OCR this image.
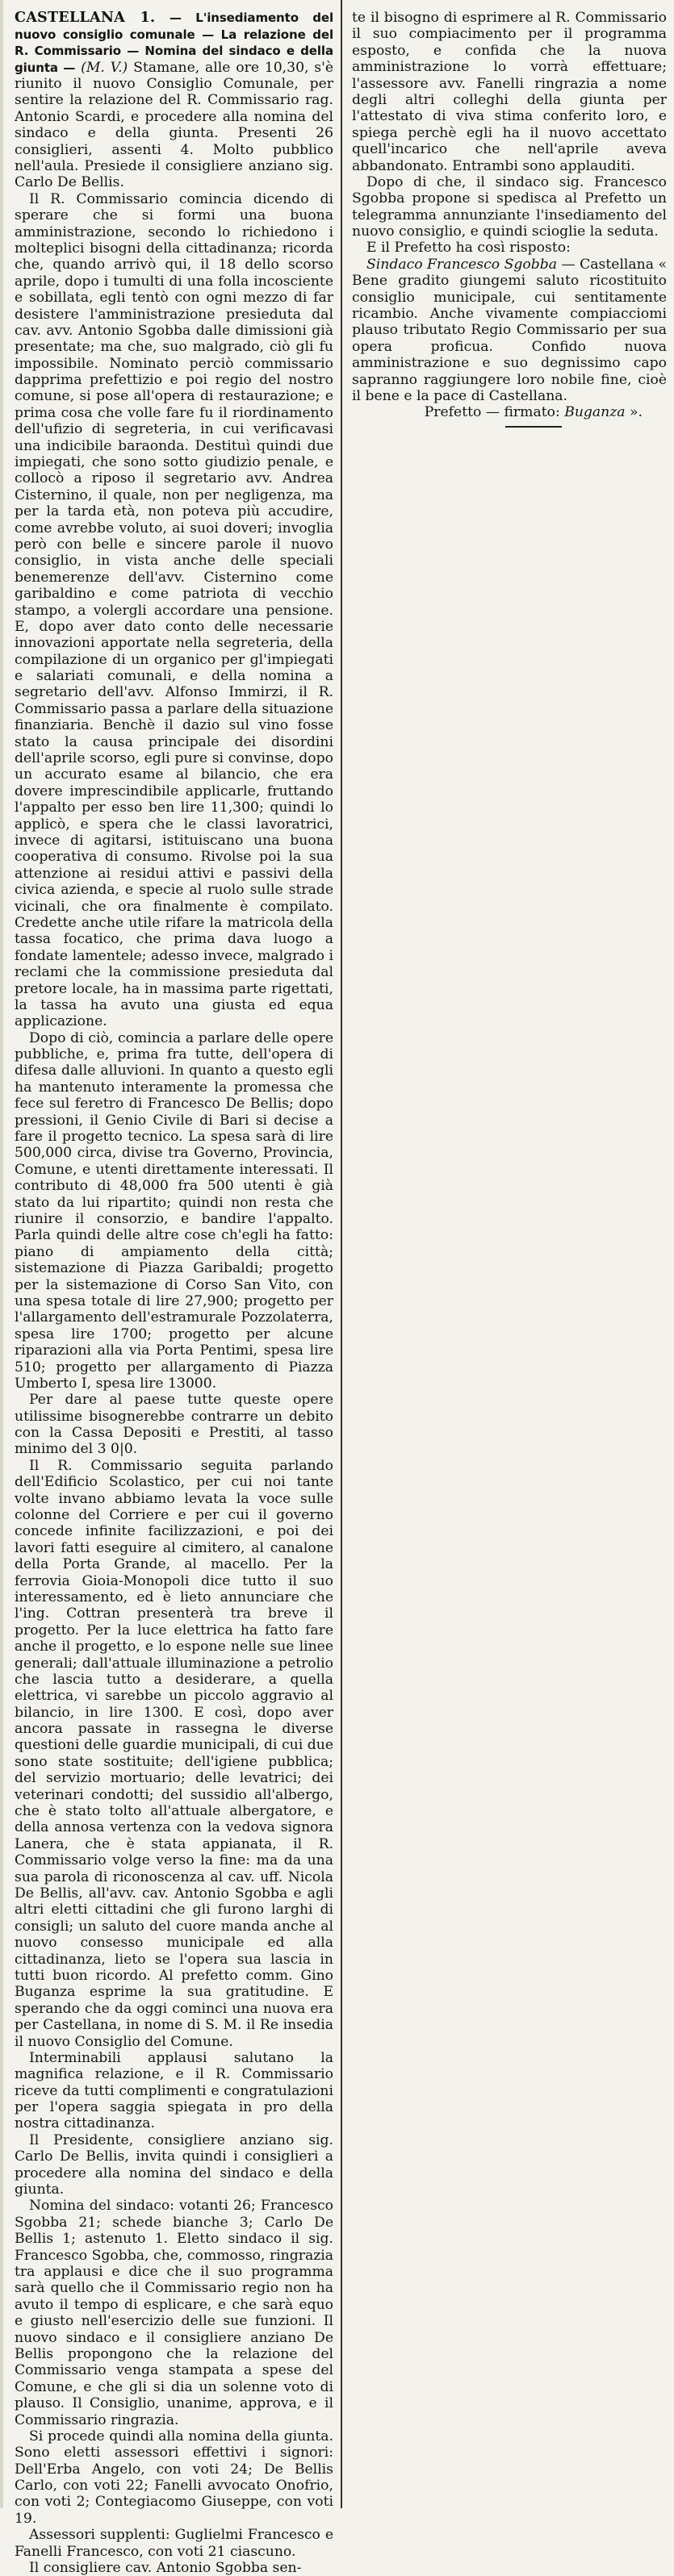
CASTELLANA 1. — L'insediamento del nuovo consiglio comunale — La relazione del R. Commissario — Nomina del sindaco e della giunta — (M. V.) Stamane, alle ore 10,30, s'è riunito il nuovo Consiglio Comunale, per sentire la relazione del R. Commissario rag. Antonio Scardi, e procedere alla nomina del sindaco e della giunta. Presenti 26 consiglieri, assenti 4. Molto pubblico nell'aula. Presiede il consigliere anziano sig. Carlo De Bellis.

Il R. Commissario comincia dicendo di sperare che si formi una buona amministrazione, secondo lo richiedono i molteplici bisogni della cittadinanza; ricorda che, quando arrivò qui, il 18 dello scorso aprile, dopo i tumulti di una folla incosciente e sobillata, egli tentò con ogni mezzo di far desistere l'amministrazione presieduta dal cav. avv. Antonio Sgobba dalle dimissioni già presentate; ma che, suo malgrado, ciò gli fu impossibile. Nominato perciò commissario dapprima prefettizio e poi regio del nostro comune, si pose all'opera di restaurazione; e prima cosa che volle fare fu il riordinamento dell'ufizio di segreteria, in cui verificavasi una indicibile baraonda. Destituì quindi due impiegati, che sono sotto giudizio penale, e collocò a riposo il segretario avv. Andrea Cisternino, il quale, non per negligenza, ma per la tarda età, non poteva più accudire, come avrebbe voluto, ai suoi doveri; invoglia però con belle e sincere parole il nuovo consiglio, in vista anche delle speciali benemerenze dell'avv. Cisternino come garibaldino e come patriota di vecchio stampo, a volergli accordare una pensione. E, dopo aver dato conto delle necessarie innovazioni apportate nella segreteria, della compilazione di un organico per gl'impiegati e salariati comunali, e della nomina a segretario dell'avv. Alfonso Immirzi, il R. Commissario passa a parlare della situazione finanziaria. Benchè il dazio sul vino fosse stato la causa principale dei disordini dell'aprile scorso, egli pure si convinse, dopo un accurato esame al bilancio, che era dovere imprescindibile applicarle, fruttando l'appalto per esso ben lire 11,300; quindi lo applicò, e spera che le classi lavoratrici, invece di agitarsi, istituiscano una buona cooperativa di consumo. Rivolse poi la sua attenzione ai residui attivi e passivi della civica azienda, e specie al ruolo sulle strade vicinali, che ora finalmente è compilato. Credette anche utile rifare la matricola della tassa focatico, che prima dava luogo a fondate lamentele; adesso invece, malgrado i reclami che la commissione presieduta dal pretore locale, ha in massima parte rigettati, la tassa ha avuto una giusta ed equa applicazione.

Dopo di ciò, comincia a parlare delle opere pubbliche, e, prima fra tutte, dell'opera di difesa dalle alluvioni. In quanto a questo egli ha mantenuto interamente la promessa che fece sul feretro di Francesco De Bellis; dopo pressioni, il Genio Civile di Bari si decise a fare il progetto tecnico. La spesa sarà di lire 500,000 circa, divise tra Governo, Provincia, Comune, e utenti direttamente interessati. Il contributo di 48,000 fra 500 utenti è già stato da lui ripartito; quindi non resta che riunire il consorzio, e bandire l'appalto. Parla quindi delle altre cose ch'egli ha fatto: piano di ampiamento della città; sistemazione di Piazza Garibaldi; progetto per la sistemazione di Corso San Vito, con una spesa totale di lire 27,900; progetto per l'allargamento dell'estramurale Pozzolaterra, spesa lire 1700; progetto per alcune riparazioni alla via Porta Pentimi, spesa lire 510; progetto per allargamento di Piazza Umberto I, spesa lire 13000.

Per dare al paese tutte queste opere utilissime bisognerebbe contrarre un debito con la Cassa Depositi e Prestiti, al tasso minimo del 3 0|0.

Il R. Commissario seguita parlando dell'Edificio Scolastico, per cui noi tante volte invano abbiamo levata la voce sulle colonne del Corriere e per cui il governo concede infinite facilizzazioni, e poi dei lavori fatti eseguire al cimitero, al canalone della Porta Grande, al macello. Per la ferrovia Gioia-Monopoli dice tutto il suo interessamento, ed è lieto annunciare che l'ing. Cottran presenterà tra breve il progetto. Per la luce elettrica ha fatto fare anche il progetto, e lo espone nelle sue linee generali; dall'attuale illuminazione a petrolio che lascia tutto a desiderare, a quella elettrica, vi sarebbe un piccolo aggravio al bilancio, in lire 1300. E così, dopo aver ancora passate in rassegna le diverse questioni delle guardie municipali, di cui due sono state sostituite; dell'igiene pubblica; del servizio mortuario; delle levatrici; dei veterinari condotti; del sussidio all'albergo, che è stato tolto all'attuale albergatore, e della annosa vertenza con la vedova signora Lanera, che è stata appianata, il R. Commissario volge verso la fine: ma da una sua parola di riconoscenza al cav. uff. Nicola De Bellis, all'avv. cav. Antonio Sgobba e agli altri eletti cittadini che gli furono larghi di consigli; un saluto del cuore manda anche al nuovo consesso municipale ed alla cittadinanza, lieto se l'opera sua lascia in tutti buon ricordo. Al prefetto comm. Gino Buganza esprime la sua gratitudine. E sperando che da oggi cominci una nuova era per Castellana, in nome di S. M. il Re insedia il nuovo Consiglio del Comune.

Interminabili applausi salutano la magnifica relazione, e il R. Commissario riceve da tutti complimenti e congratulazioni per l'opera saggia spiegata in pro della nostra cittadinanza.

Il Presidente, consigliere anziano sig. Carlo De Bellis, invita quindi i consiglieri a procedere alla nomina del sindaco e della giunta.

Nomina del sindaco: votanti 26; Francesco Sgobba 21; schede bianche 3; Carlo De Bellis 1; astenuto 1. Eletto sindaco il sig. Francesco Sgobba, che, commosso, ringrazia tra applausi e dice che il suo programma sarà quello che il Commissario regio non ha avuto il tempo di esplicare, e che sarà equo e giusto nell'esercizio delle sue funzioni. Il nuovo sindaco e il consigliere anziano De Bellis propongono che la relazione del Commissario venga stampata a spese del Comune, e che gli si dia un solenne voto di plauso. Il Consiglio, unanime, approva, e il Commissario ringrazia.

Si procede quindi alla nomina della giunta. Sono eletti assessori effettivi i signori: Dell'Erba Angelo, con voti 24; De Bellis Carlo, con voti 22; Fanelli avvocato Onofrio, con voti 2; Contegiacomo Giuseppe, con voti 19.

Assessori supplenti: Guglielmi Francesco e Fanelli Francesco, con voti 21 ciascuno.

Il consigliere cav. Antonio Sgobba sen-

te il bisogno di esprimere al R. Commissario il suo compiacimento per il programma esposto, e confida che la nuova amministrazione lo vorrà effettuare; l'assessore avv. Fanelli ringrazia a nome degli altri colleghi della giunta per l'attestato di viva stima conferito loro, e spiega perchè egli ha il nuovo accettato quell'incarico che nell'aprile aveva abbandonato. Entrambi sono applauditi.

Dopo di che, il sindaco sig. Francesco Sgobba propone si spedisca al Prefetto un telegramma annunziante l'insediamento del nuovo consiglio, e quindi scioglie la seduta.

E il Prefetto ha così risposto:

Sindaco Francesco Sgobba — Castellana « Bene gradito giungemi saluto ricostituito consiglio municipale, cui sentitamente ricambio. Anche vivamente compiacciomi plauso tributato Regio Commissario per sua opera proficua. Confido nuova amministrazione e suo degnissimo capo sapranno raggiungere loro nobile fine, cioè il bene e la pace di Castellana.

Prefetto — firmato: Buganza ».
